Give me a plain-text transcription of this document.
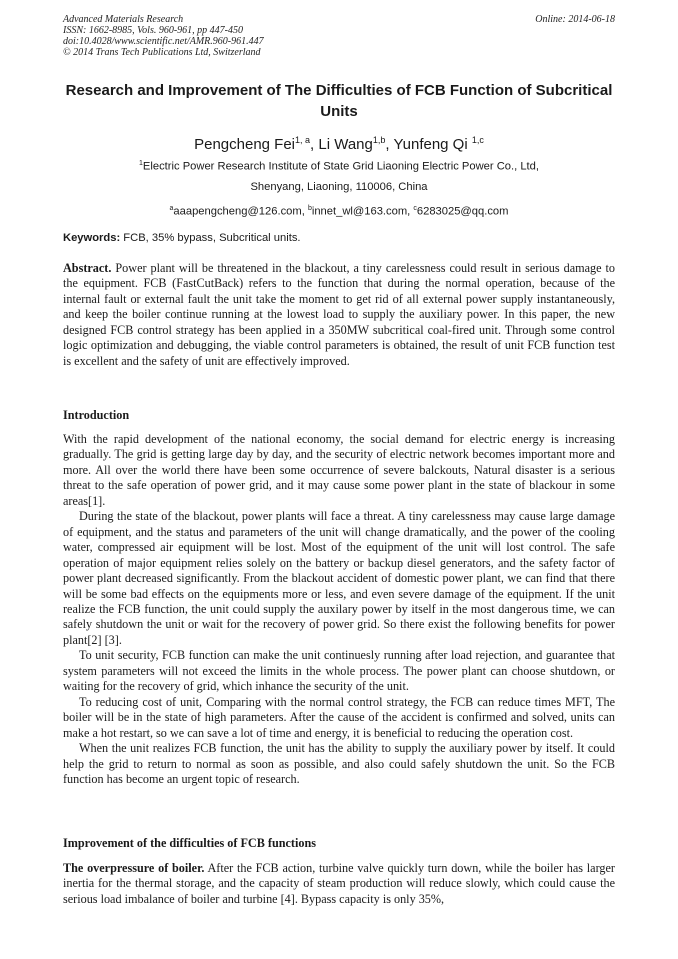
Advanced Materials Research
ISSN: 1662-8985, Vols. 960-961, pp 447-450
doi:10.4028/www.scientific.net/AMR.960-961.447
© 2014 Trans Tech Publications Ltd, Switzerland
Online: 2014-06-18
Research and Improvement of The Difficulties of FCB Function of Subcritical Units
Pengcheng Fei$^{1, a}$, Li Wang$^{1,b}$, Yunfeng Qi $^{1,c}$
$^1$Electric Power Research Institute of State Grid Liaoning Electric Power Co., Ltd,
Shenyang, Liaoning, 110006, China
$^a$aaapengcheng@126.com, $^b$innet_wl@163.com, $^c$6283025@qq.com
Keywords: FCB, 35% bypass, Subcritical units.

Abstract. Power plant will be threatened in the blackout, a tiny carelessness could result in serious damage to the equipment. FCB (FastCutBack) refers to the function that during the normal operation, because of the internal fault or external fault the unit take the moment to get rid of all external power supply instantaneously, and keep the boiler continue running at the lowest load to supply the auxiliary power. In this paper, the new designed FCB control strategy has been applied in a 350MW subcritical coal-fired unit. Through some control logic optimization and debugging, the viable control parameters is obtained, the result of unit FCB function test is excellent and the safety of unit are effectively improved.

Introduction

With the rapid development of the national economy, the social demand for electric energy is increasing gradually. The grid is getting large day by day, and the security of electric network becomes important more and more. All over the world there have been some occurrence of severe balckouts, Natural disaster is a serious threat to the safe operation of power grid, and it may cause some power plant in the state of blackour in some areas[1].

During the state of the blackout, power plants will face a threat. A tiny carelessness may cause large damage of equipment, and the status and parameters of the unit will change dramatically, and the power of the cooling water, compressed air equipment will be lost. Most of the equipment of the unit will lost control. The safe operation of major equipment relies solely on the battery or backup diesel generators, and the safety factor of power plant decreased significantly. From the blackout accident of domestic power plant, we can find that there will be some bad effects on the equipments more or less, and even severe damage of the equipment. If the unit realize the FCB function, the unit could supply the auxilary power by itself in the most dangerous time, we can safely shutdown the unit or wait for the recovery of power grid. So there exist the following benefits for power plant[2] [3].

To unit security, FCB function can make the unit continuesly running after load rejection, and guarantee that system parameters will not exceed the limits in the whole process. The power plant can choose shutdown, or waiting for the recovery of grid, which inhance the security of the unit.

To reducing cost of unit, Comparing with the normal control strategy, the FCB can reduce times MFT, The boiler will be in the state of high parameters. After the cause of the accident is confirmed and solved, units can make a hot restart, so we can save a lot of time and energy, it is beneficial to reducing the operation cost.

When the unit realizes FCB function, the unit has the ability to supply the auxiliary power by itself. It could help the grid to return to normal as soon as possible, and also could safely shutdown the unit. So the FCB function has become an urgent topic of research.

Improvement of the difficulties of FCB functions

The overpressure of boiler. After the FCB action, turbine valve quickly turn down, while the boiler has larger inertia for the thermal storage, and the capacity of steam production will reduce slowly, which could cause the serious load imbalance of boiler and turbine [4]. Bypass capacity is only 35%,
